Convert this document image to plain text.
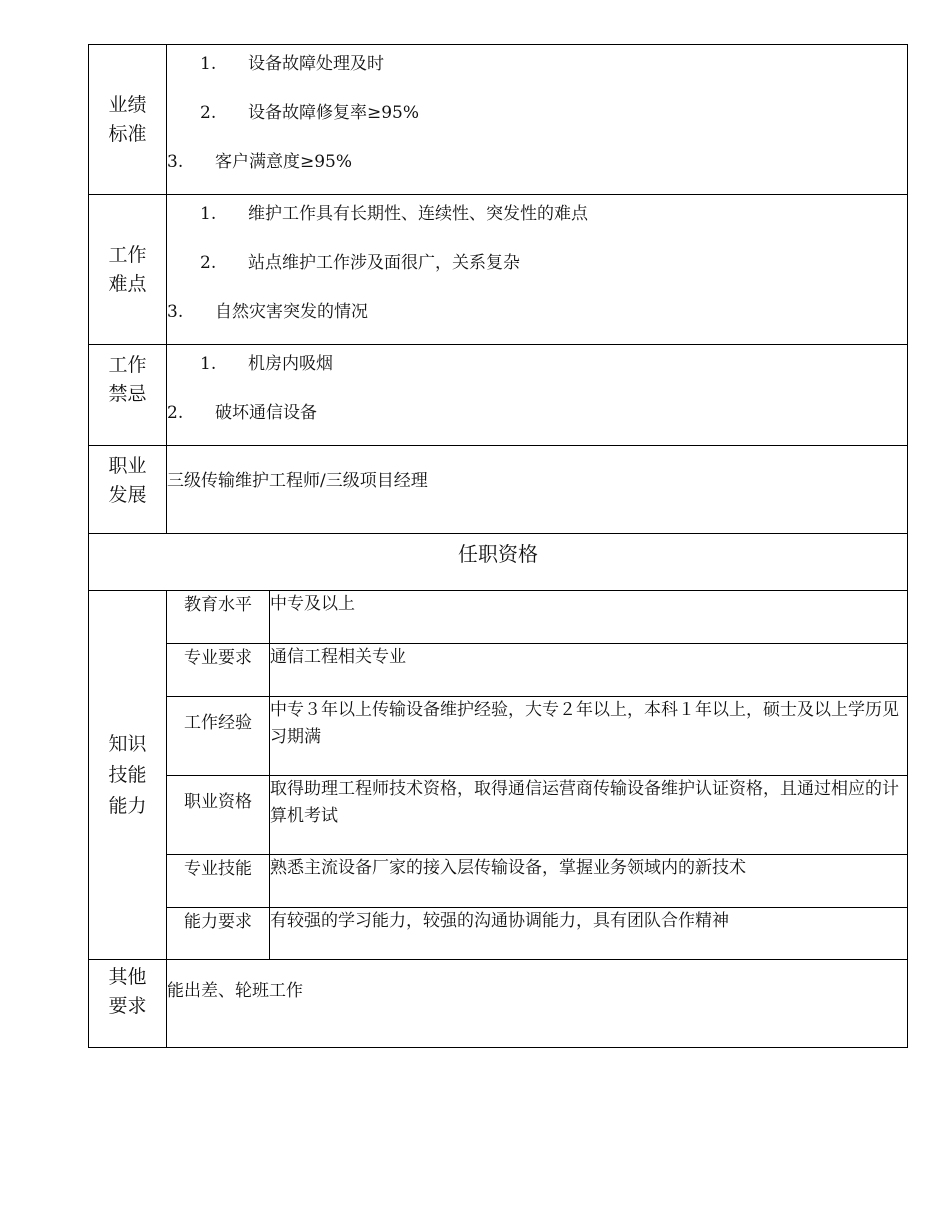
业绩标准	1. 设备故障处理及时
2. 设备故障修复率≥95%
3. 客户满意度≥95%	

工作难点	1. 维护工作具有长期性、连续性、突发性的难点
2. 站点维护工作涉及面很广，关系复杂
3. 自然灾害突发的情况	

工作禁忌	1. 机房内吸烟
2. 破坏通信设备	

职业发展	三级传输维护工程师/三级项目经理	
任职资格		

知识技能能力	教育水平	中专及以上
	专业要求	通信工程相关专业
	工作经验	中专３年以上传输设备维护经验，大专２年以上，本科１年以上，硕士及以上学历见习期满
	职业资格	取得助理工程师技术资格，取得通信运营商传输设备维护认证资格，且通过相应的计算机考试
	专业技能	熟悉主流设备厂家的接入层传输设备，掌握业务领域内的新技术
	能力要求	有较强的学习能力，较强的沟通协调能力，具有团队合作精神

其他要求	能出差、轮班工作	
